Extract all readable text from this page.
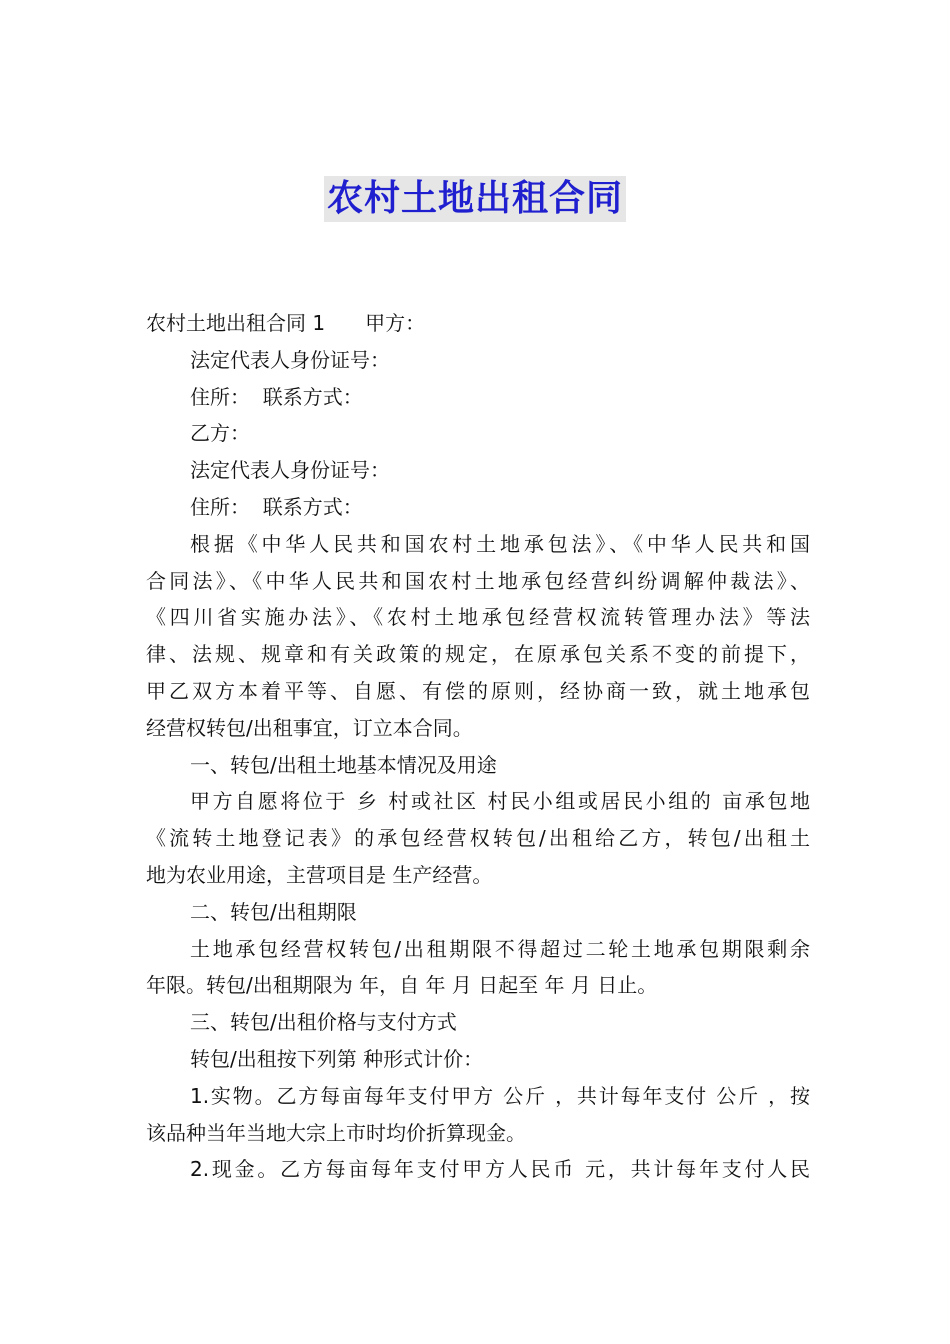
农村土地出租合同
农村土地出租合同 1　　甲方：
法定代表人身份证号：
住所：  联系方式：
乙方：
法定代表人身份证号：
住所：  联系方式：
根据《中华人民共和国农村土地承包法》、《中华人民共和国
合同法》、《中华人民共和国农村土地承包经营纠纷调解仲裁法》、
《四川省实施办法》、《农村土地承包经营权流转管理办法》等法
律、法规、规章和有关政策的规定，在原承包关系不变的前提下，
甲乙双方本着平等、自愿、有偿的原则，经协商一致，就土地承包
经营权转包/出租事宜，订立本合同。
一、转包/出租土地基本情况及用途
甲方自愿将位于 乡 村或社区 村民小组或居民小组的 亩承包地
《流转土地登记表》的承包经营权转包/出租给乙方，转包/出租土
地为农业用途，主营项目是 生产经营。
二、转包/出租期限
土地承包经营权转包/出租期限不得超过二轮土地承包期限剩余
年限。转包/出租期限为 年，自 年 月 日起至 年 月 日止。
三、转包/出租价格与支付方式
转包/出租按下列第 种形式计价：
1.实物。乙方每亩每年支付甲方 公斤 ，共计每年支付 公斤 ，按
该品种当年当地大宗上市时均价折算现金。
2.现金。乙方每亩每年支付甲方人民币 元，共计每年支付人民
